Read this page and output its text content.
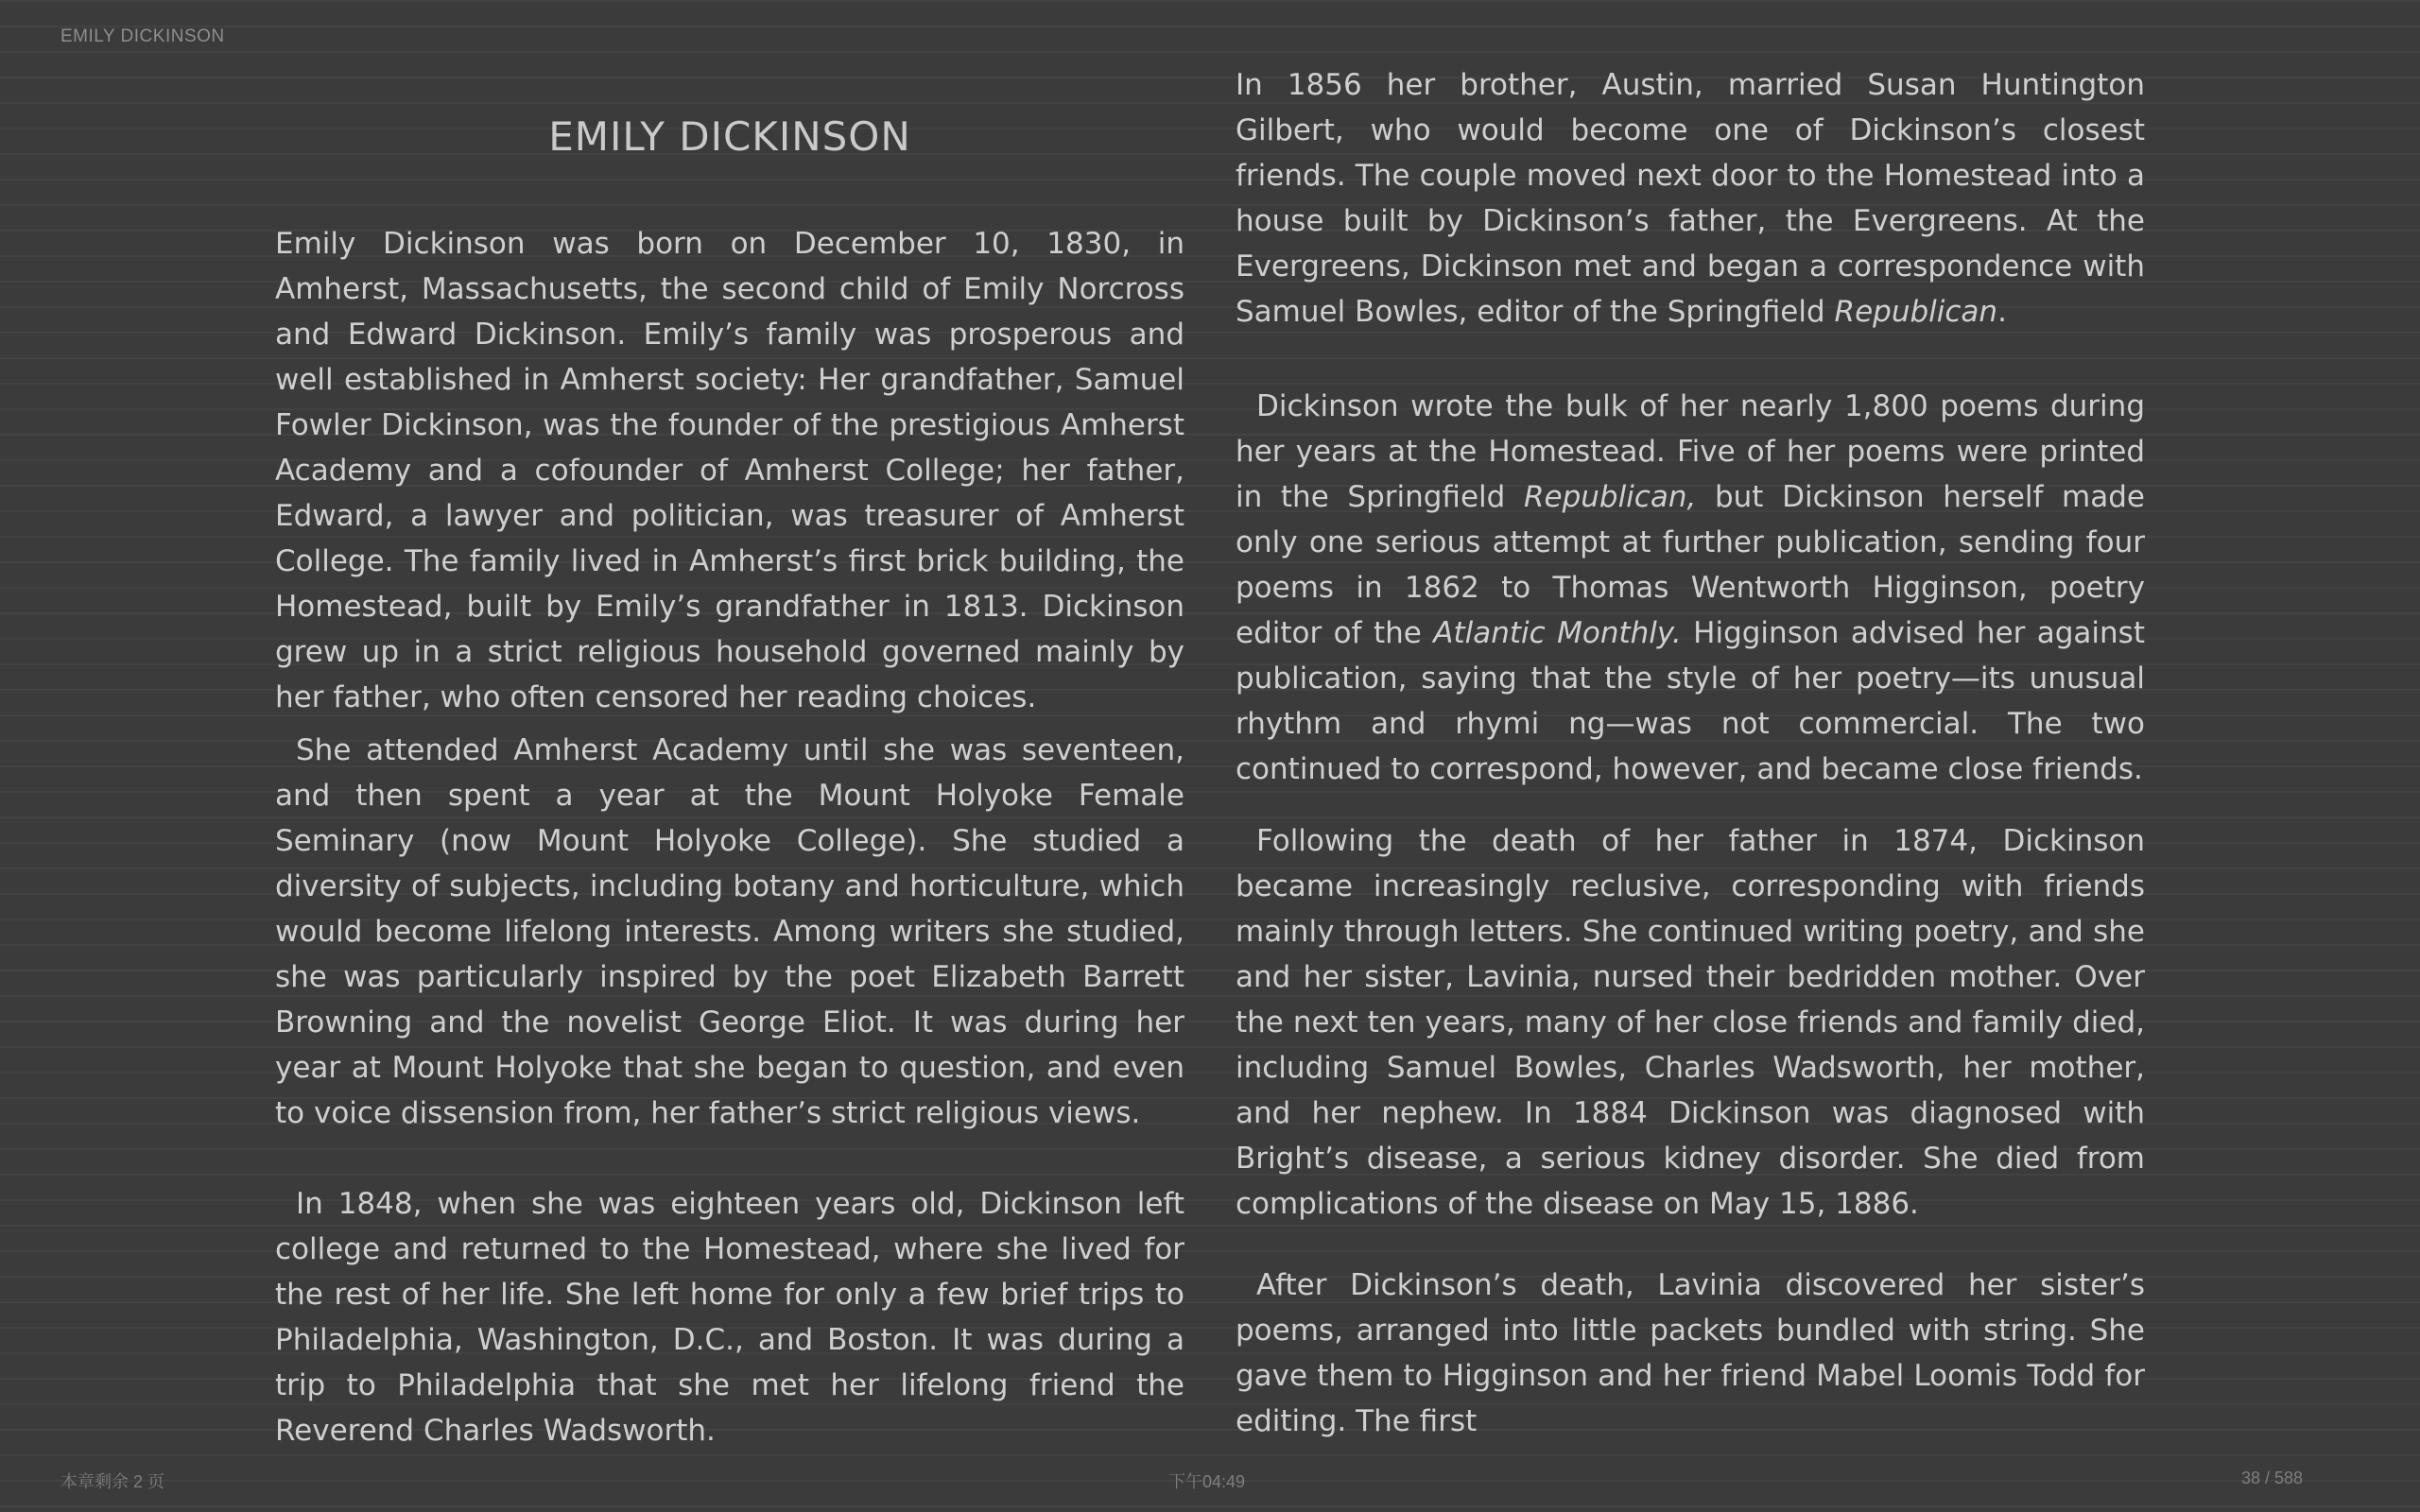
EMILY DICKINSON
EMILY DICKINSON

Emily Dickinson was born on December 10, 1830, in Amherst, Massachusetts, the second child of Emily Norcross and Edward Dickinson. Emily’s family was prosperous and well established in Amherst society: Her grandfather, Samuel Fowler Dickinson, was the founder of the prestigious Amherst Academy and a cofounder of Amherst College; her father, Edward, a lawyer and politician, was treasurer of Amherst College. The family lived in Amherst’s first brick building, the Homestead, built by Emily’s grandfather in 1813. Dickinson grew up in a strict religious household governed mainly by her father, who often censored her reading choices.

She attended Amherst Academy until she was seventeen, and then spent a year at the Mount Holyoke Female Seminary (now Mount Holyoke College). She studied a diversity of subjects, including botany and horticulture, which would become lifelong interests. Among writers she studied, she was particularly inspired by the poet Elizabeth Barrett Browning and the novelist George Eliot. It was during her year at Mount Holyoke that she began to question, and even to voice dissension from, her father’s strict religious views.

In 1848, when she was eighteen years old, Dickinson left college and returned to the Homestead, where she lived for the rest of her life. She left home for only a few brief trips to Philadelphia, Washington, D.C., and Boston. It was during a trip to Philadelphia that she met her lifelong friend the Reverend Charles Wadsworth.

In 1856 her brother, Austin, married Susan Huntington Gilbert, who would become one of Dickinson’s closest friends. The couple moved next door to the Homestead into a house built by Dickinson’s father, the Evergreens. At the Evergreens, Dickinson met and began a correspondence with Samuel Bowles, editor of the Springfield Republican.

Dickinson wrote the bulk of her nearly 1,800 poems during her years at the Homestead. Five of her poems were printed in the Springfield Republican, but Dickinson herself made only one serious attempt at further publication, sending four poems in 1862 to Thomas Wentworth Higginson, poetry editor of the Atlantic Monthly. Higginson advised her against publication, saying that the style of her poetry—its unusual rhythm and rhymi ng—was not commercial. The two continued to correspond, however, and became close friends.

Following the death of her father in 1874, Dickinson became increasingly reclusive, corresponding with friends mainly through letters. She continued writing poetry, and she and her sister, Lavinia, nursed their bedridden mother. Over the next ten years, many of her close friends and family died, including Samuel Bowles, Charles Wadsworth, her mother, and her nephew. In 1884 Dickinson was diagnosed with Bright’s disease, a serious kidney disorder. She died from complications of the disease on May 15, 1886.

After Dickinson’s death, Lavinia discovered her sister’s poems, arranged into little packets bundled with string. She gave them to Higginson and her friend Mabel Loomis Todd for editing. The first

本章剩余 2 页	下午04:49	38 / 588
